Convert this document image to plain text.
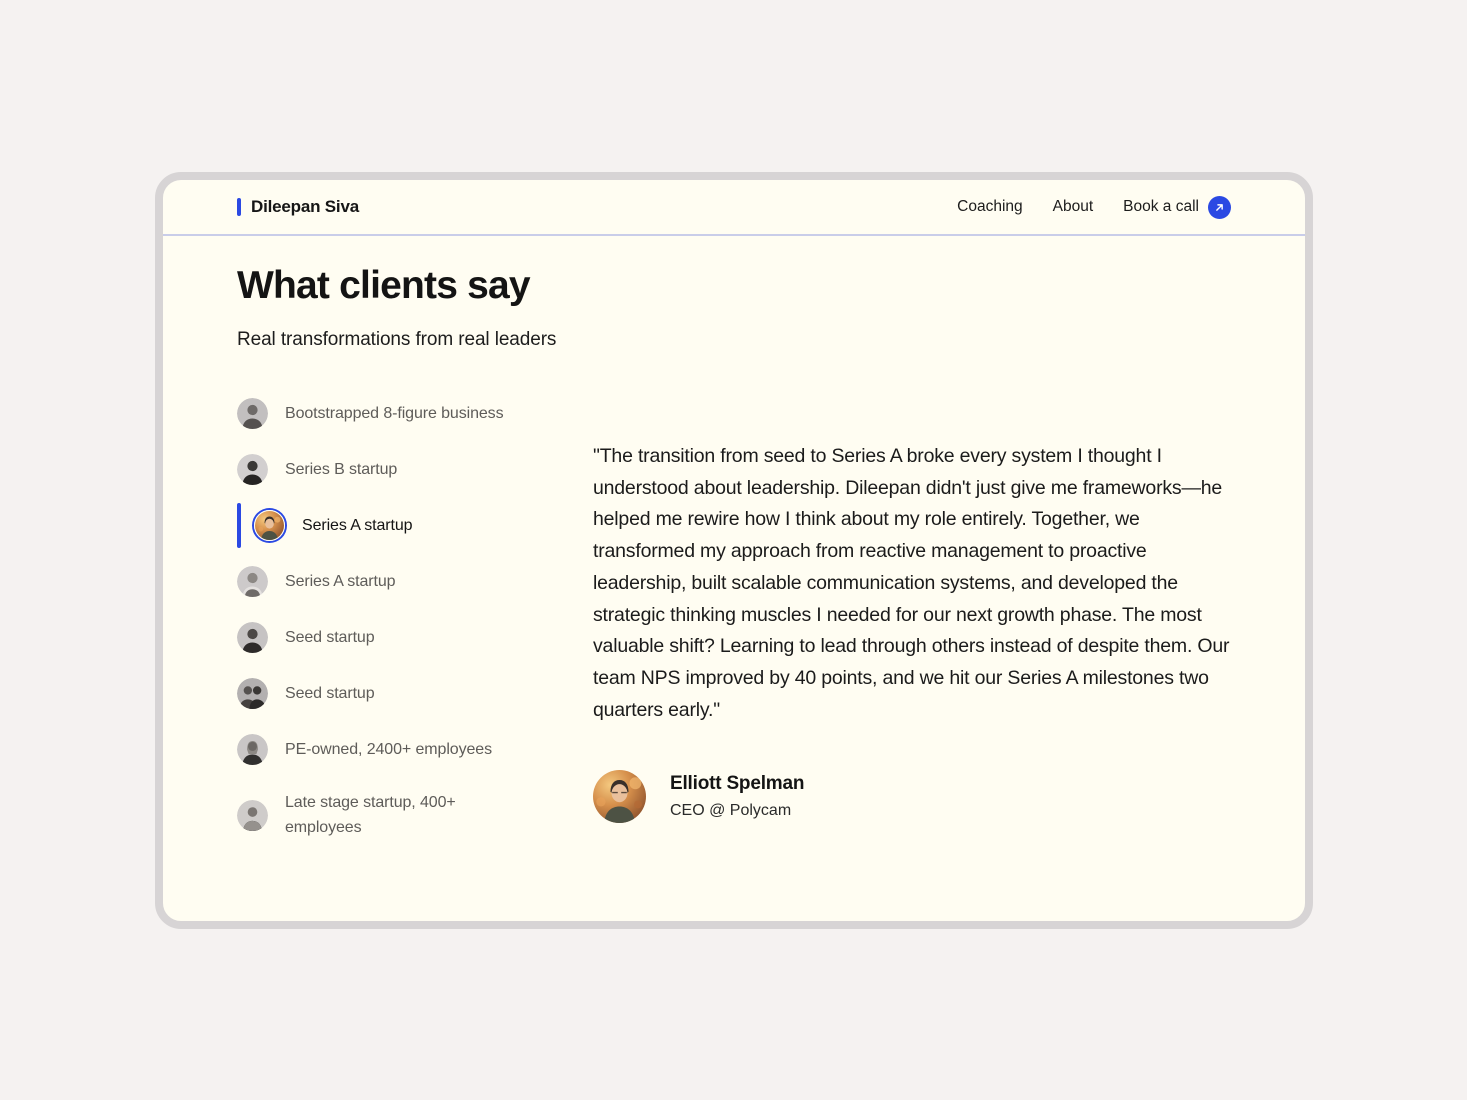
Dileepan Siva	Coaching About Book a call
What clients say

Real transformations from real leaders

Bootstrapped 8-figure business
Series B startup
Series A startup
Series A startup
Seed startup
Seed startup
PE-owned, 2400+ employees
Late stage startup, 400+ employees

"The transition from seed to Series A broke every system I thought I understood about leadership. Dileepan didn't just give me frameworks—he helped me rewire how I think about my role entirely. Together, we transformed my approach from reactive management to proactive leadership, built scalable communication systems, and developed the strategic thinking muscles I needed for our next growth phase. The most valuable shift? Learning to lead through others instead of despite them. Our team NPS improved by 40 points, and we hit our Series A milestones two quarters early."

Elliott Spelman
CEO @ Polycam
